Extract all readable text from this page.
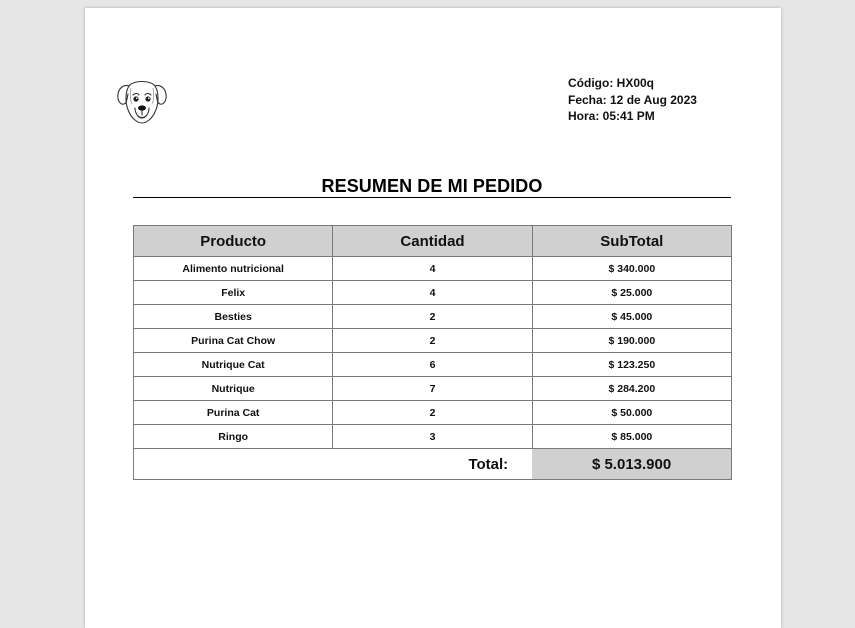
Código: HX00q
Fecha: 12 de Aug 2023
Hora: 05:41 PM
RESUMEN DE MI PEDIDO
Producto	Cantidad	SubTotal
Alimento nutricional	4	$ 340.000
Felix	4	$ 25.000
Besties	2	$ 45.000
Purina Cat Chow	2	$ 190.000
Nutrique Cat	6	$ 123.250
Nutrique	7	$ 284.200
Purina Cat	2	$ 50.000
Ringo	3	$ 85.000
Total:		$ 5.013.900
